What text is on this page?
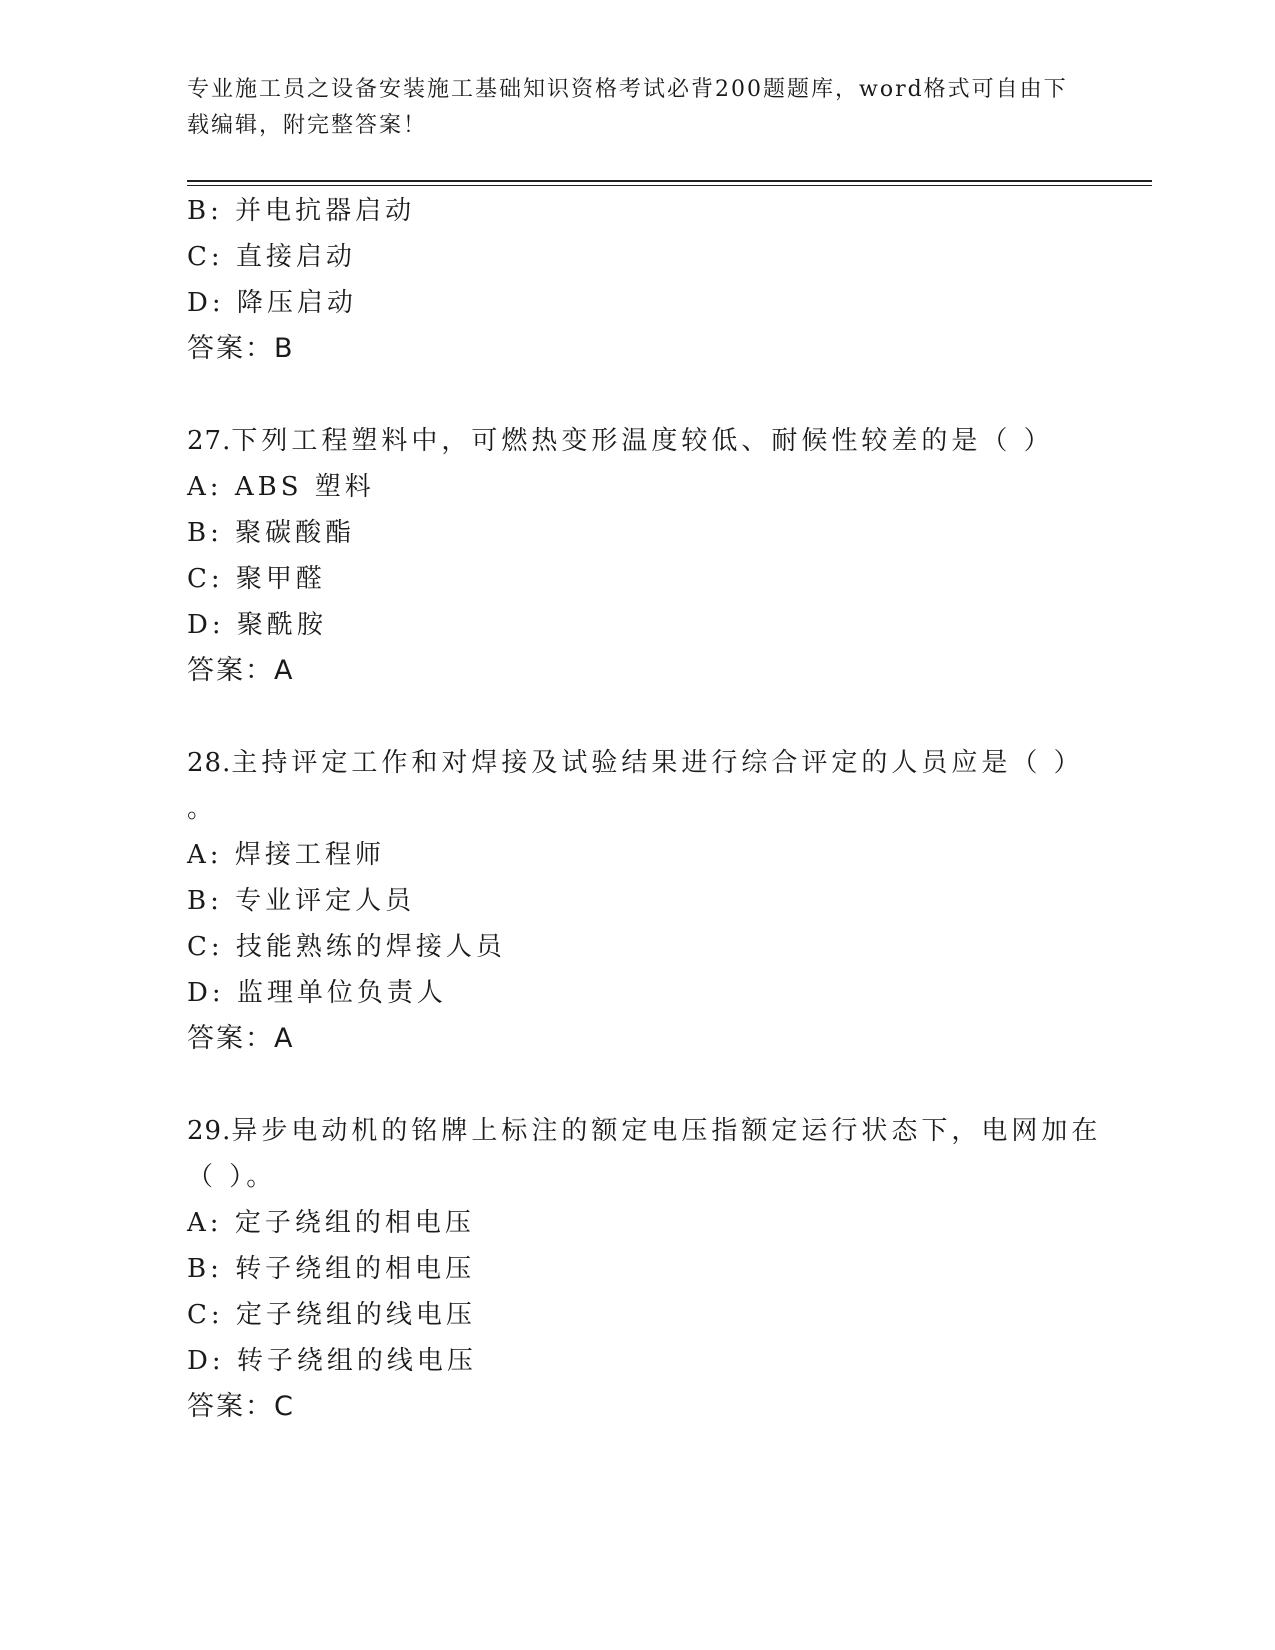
专业施工员之设备安装施工基础知识资格考试必背200题题库，word格式可自由下载编辑，附完整答案！
B: 并电抗器启动
C: 直接启动
D: 降压启动
答案：B
27.下列工程塑料中，可燃热变形温度较低、耐候性较差的是（ ）
A: ABS 塑料
B: 聚碳酸酯
C: 聚甲醛
D: 聚酰胺
答案：A
28.主持评定工作和对焊接及试验结果进行综合评定的人员应是（ ）
。
A: 焊接工程师
B: 专业评定人员
C: 技能熟练的焊接人员
D: 监理单位负责人
答案：A
29.异步电动机的铭牌上标注的额定电压指额定运行状态下，电网加在
（ ）。
A: 定子绕组的相电压
B: 转子绕组的相电压
C: 定子绕组的线电压
D: 转子绕组的线电压
答案：C
